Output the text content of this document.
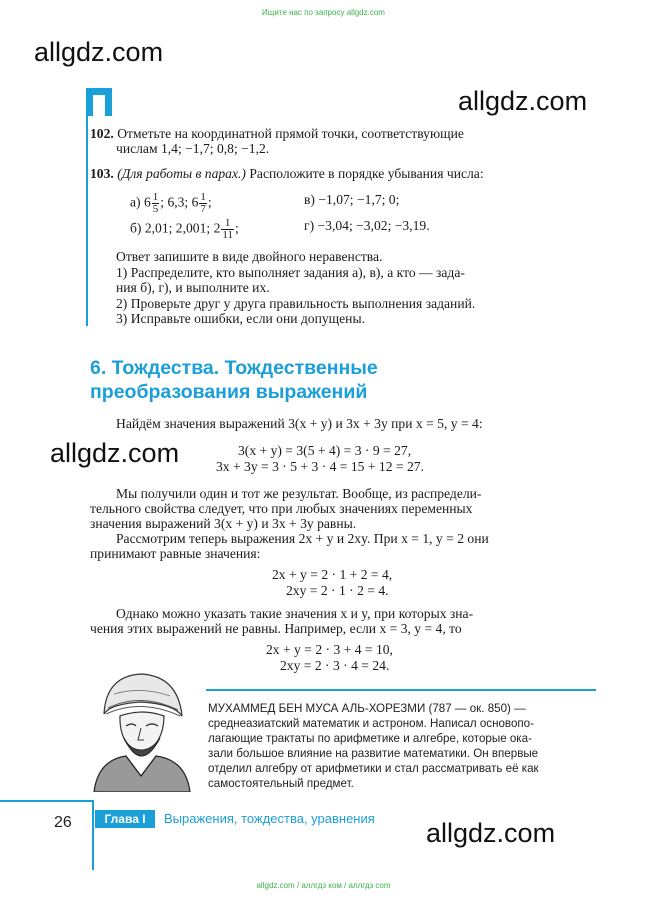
Ищите нас по запросу allgdz.com
allgdz.com
allgdz.com
allgdz.com
allgdz.com
allgdz.com / аллгдз ком / аллгдз com
102. Отметьте на координатной прямой точки, соответствующие
числам 1,4; −1,7; 0,8; −1,2.
103. (Для работы в парах.) Расположите в порядке убывания числа:
а) $6 \frac{1}{5}$ ; 6,3; $6 \frac{1}{7}$ ;	в) −1,07; −1,7; 0;
б) 2,01; 2,001; $2 \frac{1}{11}$ ;	г) −3,04; −3,02; −3,19.
Ответ запишите в виде двойного неравенства.
1) Распределите, кто выполняет задания а), в), а кто — зада-
ния б), г), и выполните их.
2) Проверьте друг у друга правильность выполнения заданий.
3) Исправьте ошибки, если они допущены.
6. Тождества. Тождественные
преобразования выражений
Найдём значения выражений 3(x + y) и 3x + 3y при x = 5, y = 4:
3(x + y) = 3(5 + 4) = 3 · 9 = 27,
3x + 3y = 3 · 5 + 3 · 4 = 15 + 12 = 27.
Мы получили один и тот же результат. Вообще, из распредели-
тельного свойства следует, что при любых значениях переменных
значения выражений 3(x + y) и 3x + 3y равны.
Рассмотрим теперь выражения 2x + y и 2xy. При x = 1, y = 2 они
принимают равные значения:
2x + y = 2 · 1 + 2 = 4,
2xy = 2 · 1 · 2 = 4.
Однако можно указать такие значения x и y, при которых зна-
чения этих выражений не равны. Например, если x = 3, y = 4, то
2x + y = 2 · 3 + 4 = 10,
2xy = 2 · 3 · 4 = 24.
МУХАММЕД БЕН МУСА АЛЬ-ХОРЕЗМИ (787 — ок. 850) —
среднеазиатский математик и астроном. Написал основопо-
лагающие трактаты по арифметике и алгебре, которые ока-
зали большое влияние на развитие математики. Он впервые
отделил алгебру от арифметики и стал рассматривать её как
самостоятельный предмет.
26	Глава I	Выражения, тождества, уравнения
